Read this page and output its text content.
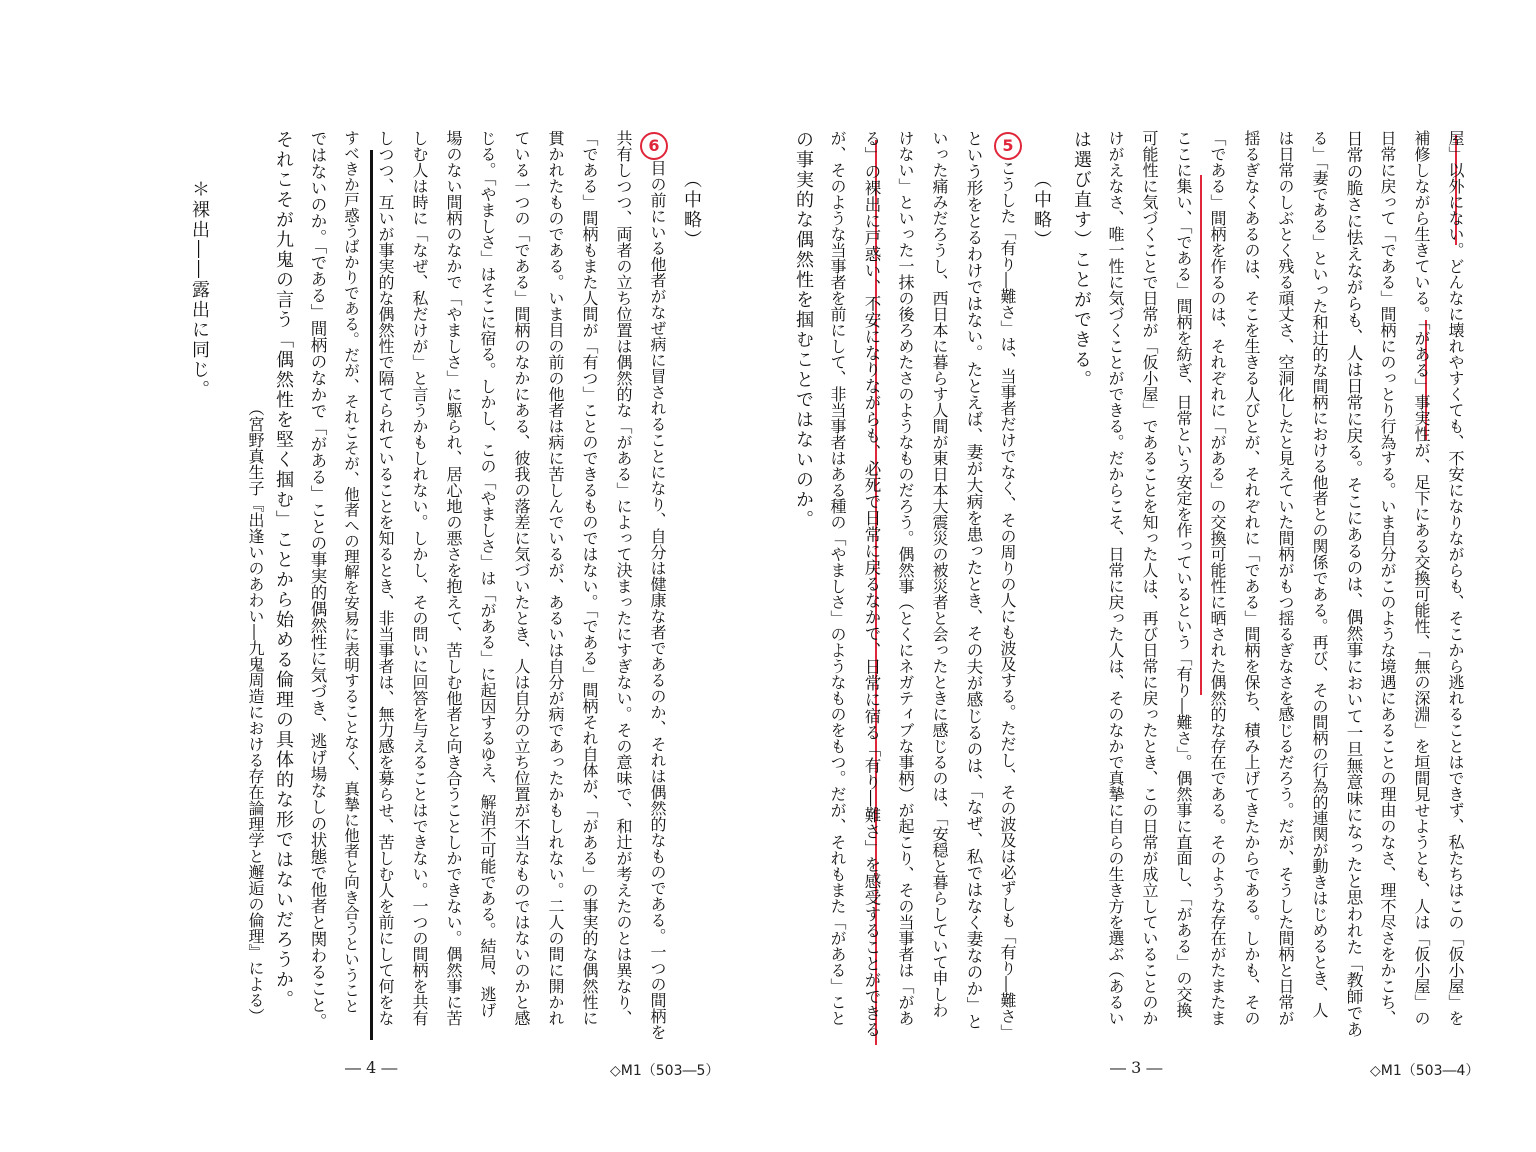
屋」以外にない。どんなに壊れやすくても、不安になりながらも、そこから逃れることはできず、私たちはこの「仮小屋」を
補修しながら生きている。「がある」事実性が、足下にある交換可能性、「無の深淵」を垣間見せようとも、人は「仮小屋」の
日常に戻って「である」間柄にのっとり行為する。いま自分がこのような境遇にあることの理由のなさ、理不尽さをかこち、
日常の脆さに怯えながらも、人は日常に戻る。そこにあるのは、偶然事において一旦無意味になったと思われた「教師であ
る」「妻である」といった和辻的な間柄における他者との関係である。再び、その間柄の行為的連関が動きはじめるとき、人
は日常のしぶとく残る頑丈さ、空洞化したと見えていた間柄がもつ揺るぎなさを感じるだろう。だが、そうした間柄と日常が
揺るぎなくあるのは、そこを生きる人びとが、それぞれに「である」間柄を保ち、積み上げてきたからである。しかも、その
「である」間柄を作るのは、それぞれに「がある」の交換可能性に晒された偶然的な存在である。そのような存在がたまたま
ここに集い、「である」間柄を紡ぎ、日常という安定を作っているという「有り―難さ」。偶然事に直面し、「がある」の交換
可能性に気づくことで日常が「仮小屋」であることを知った人は、再び日常に戻ったとき、この日常が成立していることのか
けがえなさ、唯一性に気づくことができる。だからこそ、日常に戻った人は、そのなかで真摯に自らの生き方を選ぶ（あるい
は選び直す）ことができる。
（中略）
5
こうした「有り―難さ」は、当事者だけでなく、その周りの人にも波及する。ただし、その波及は必ずしも「有り―難さ」
という形をとるわけではない。たとえば、妻が大病を患ったとき、その夫が感じるのは、「なぜ、私ではなく妻なのか」と
いった痛みだろうし、西日本に暮らす人間が東日本大震災の被災者と会ったときに感じるのは、「安穏と暮らしていて申しわ
けない」といった一抹の後ろめたさのようなものだろう。偶然事（とくにネガティブな事柄）が起こり、その当事者は「があ
る」の裸出に戸惑い、不安になりながらも、必死で日常に戻るなかで、日常に宿る「有り―難さ」を感受することができる
が、そのような当事者を前にして、非当事者はある種の「やましさ」のようなものをもつ。だが、それもまた「がある」こと
の事実的な偶然性を掴むことではないのか。
― 3 ―	◇M1（503―4）
（中略）
6
目の前にいる他者がなぜ病に冒されることになり、自分は健康な者であるのか、それは偶然的なものである。一つの間柄を
共有しつつ、両者の立ち位置は偶然的な「がある」によって決まったにすぎない。その意味で、和辻が考えたのとは異なり、
「である」間柄もまた人間が「有つ」ことのできるものではない。「である」間柄それ自体が、「がある」の事実的な偶然性に
貫かれたものである。いま目の前の他者は病に苦しんでいるが、あるいは自分が病であったかもしれない。二人の間に開かれ
ている一つの「である」間柄のなかにある、彼我の落差に気づいたとき、人は自分の立ち位置が不当なものではないのかと感
じる。「やましさ」はそこに宿る。しかし、この「やましさ」は「がある」に起因するゆえ、解消不可能である。結局、逃げ
場のない間柄のなかで「やましさ」に駆られ、居心地の悪さを抱えて、苦しむ他者と向き合うことしかできない。偶然事に苦
しむ人は時に「なぜ、私だけが」と言うかもしれない。しかし、その問いに回答を与えることはできない。一つの間柄を共有
しつつ、互いが事実的な偶然性で隔てられていることを知るとき、非当事者は、無力感を募らせ、苦しむ人を前にして何をな
すべきか戸惑うばかりである。だが、それこそが、他者への理解を安易に表明することなく、真摯に他者と向き合うということ
ではないのか。「である」間柄のなかで「がある」ことの事実的偶然性に気づき、逃げ場なしの状態で他者と関わること。
それこそが九鬼の言う「偶然性を堅く掴む」ことから始める倫理の具体的な形ではないだろうか。
（宮野真生子『出逢いのあわい―九鬼周造における存在論理学と邂逅の倫理』による）
＊裸出――露出に同じ。
― 4 ―	◇M1（503―5）
